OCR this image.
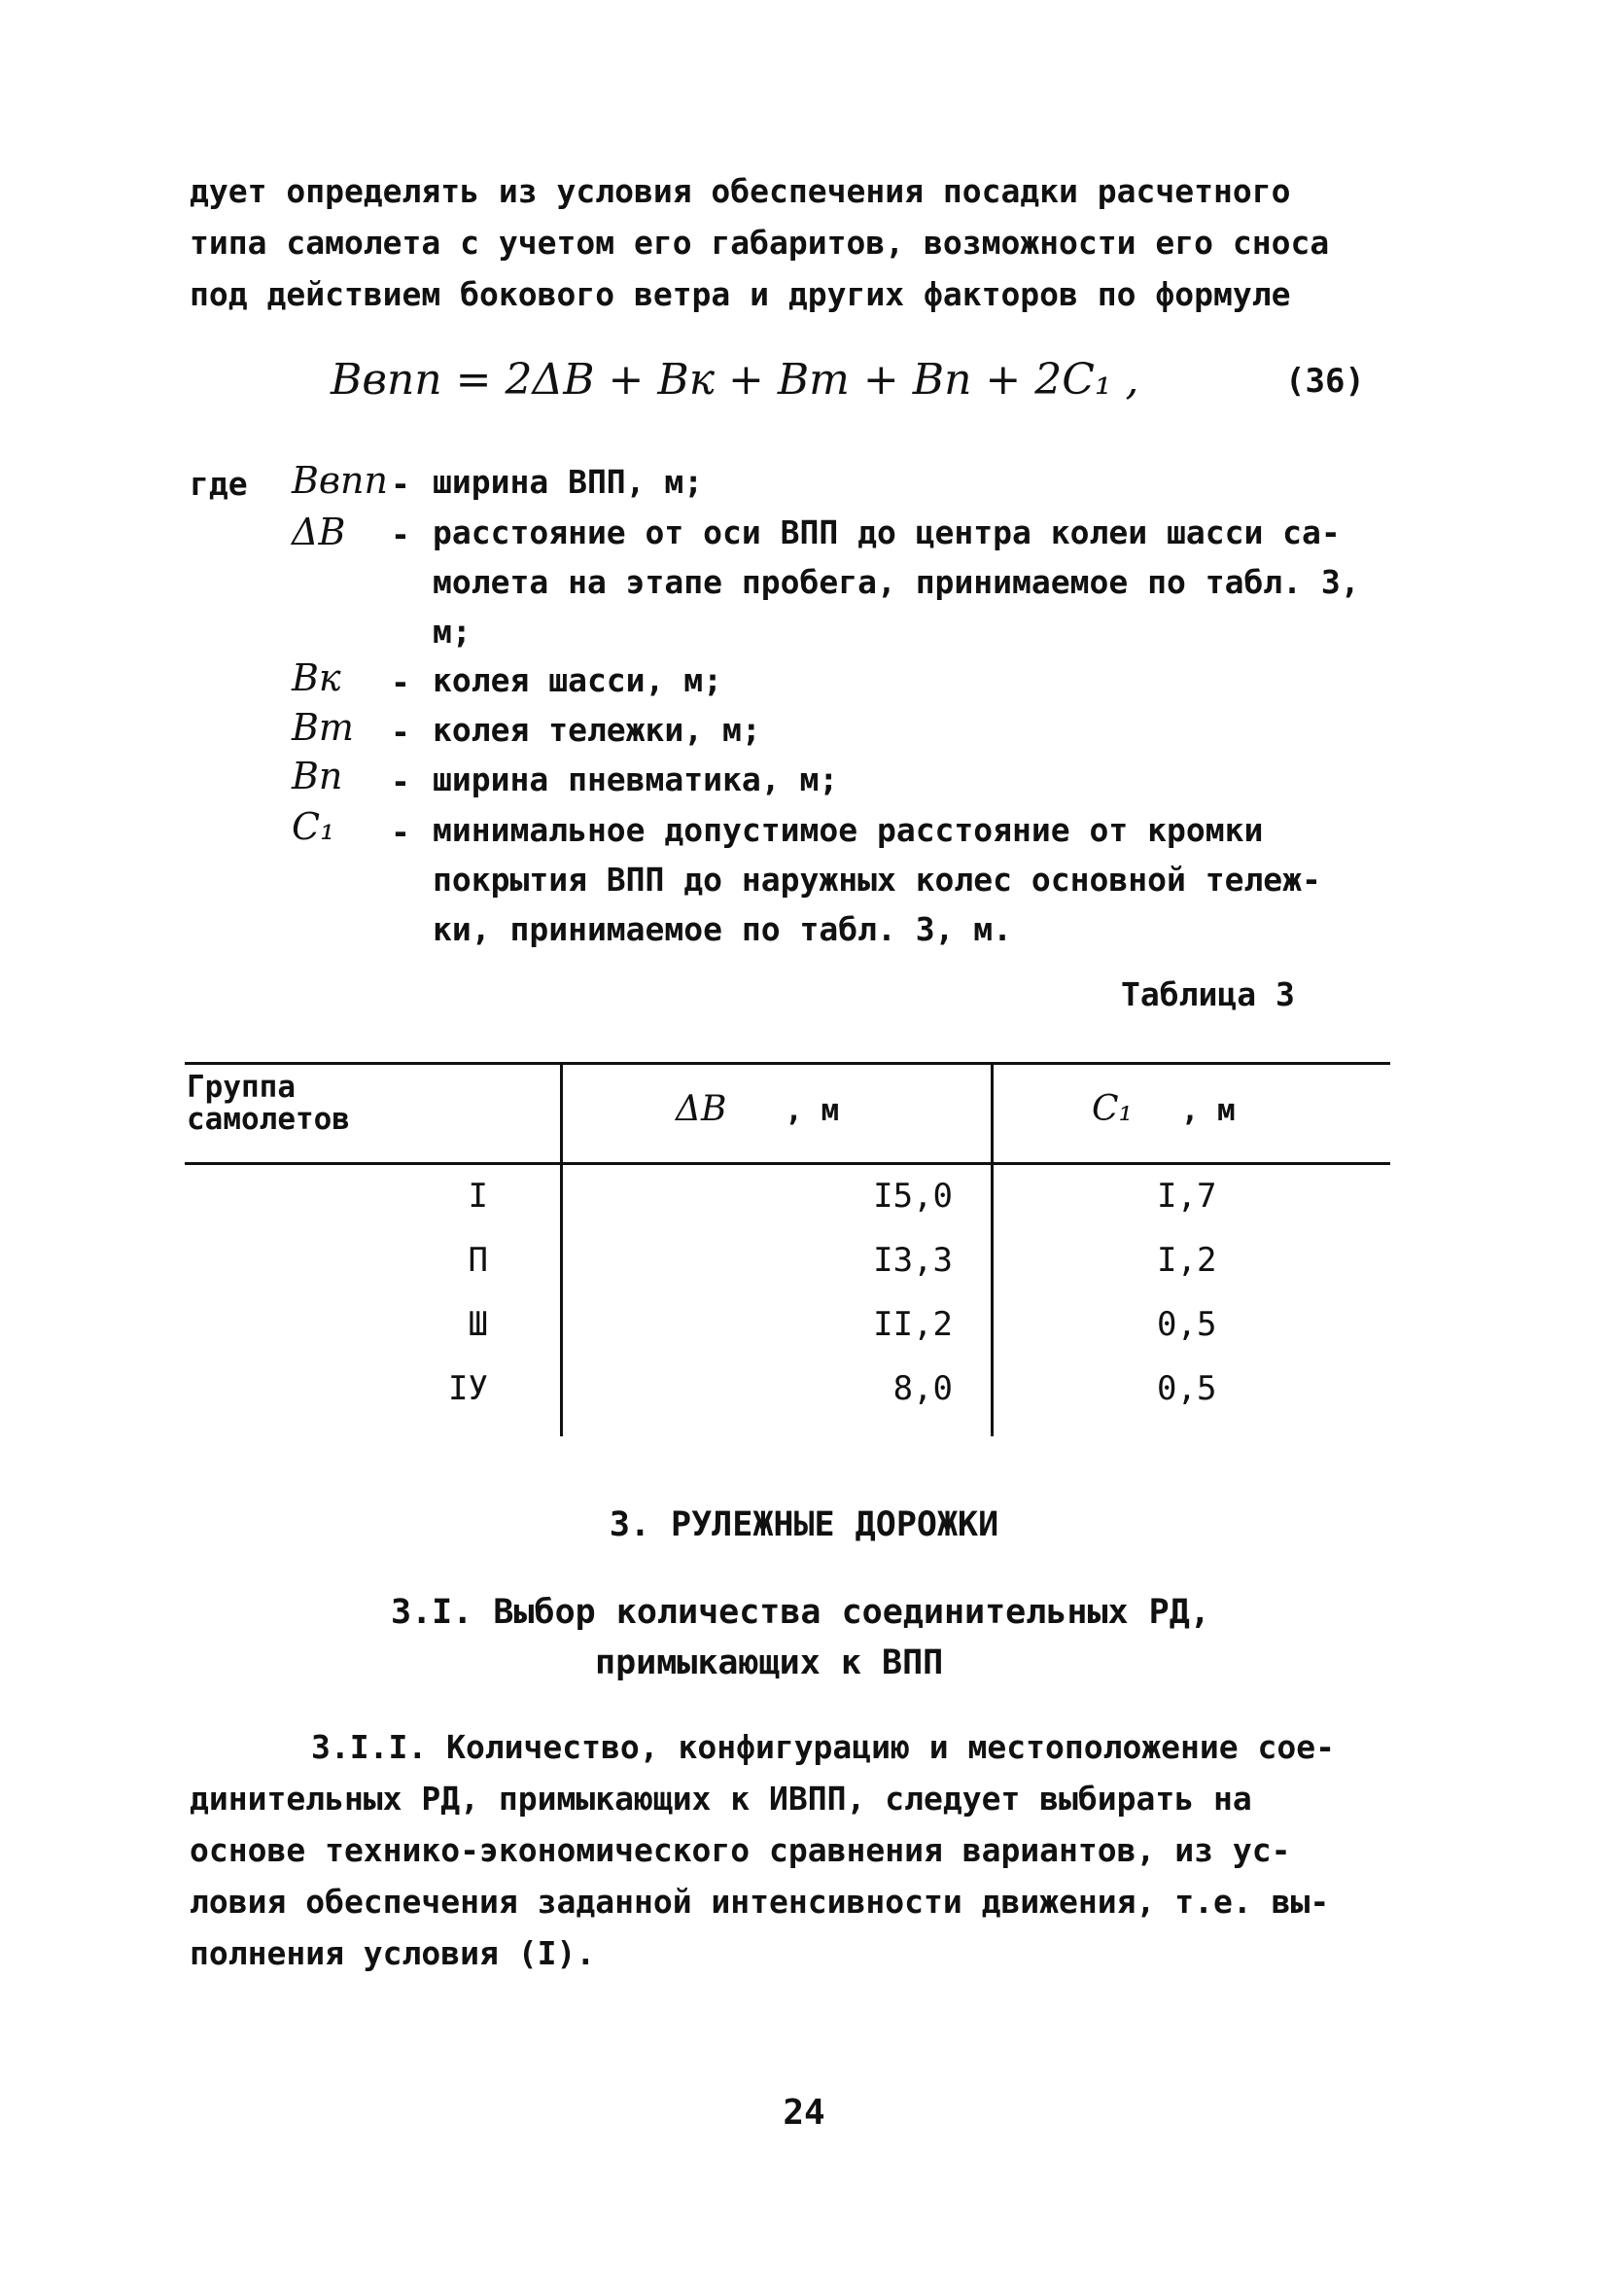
дует определять из условия обеспечения посадки расчетного
типа самолета с учетом его габаритов, возможности его сноса
под действием бокового ветра и других факторов по формуле
Bвпп = 2ΔB + Bк + Bт + Bп + 2C₁ ,	(36)
где Bвпп - ширина ВПП, м;
ΔB	- расстояние от оси ВПП до центра колеи шасси са-
молета на этапе пробега, принимаемое по табл. 3,
м;
Bк	- колея шасси, м;
Bт	- колея тележки, м;
Bп	- ширина пневматика, м;
C₁	- минимальное допустимое расстояние от кромки
покрытия ВПП до наружных колес основной тележ-
ки, принимаемое по табл. 3, м.
Таблица 3
Группа
самолетов	ΔB , м	C₁ , м
I	I5,0	I,7
П	I3,3	I,2
Ш	II,2	0,5
IУ	8,0	0,5
3. РУЛЕЖНЫЕ ДОРОЖКИ
3.I. Выбор количества соединительных РД,
примыкающих к ВПП
3.I.I. Количество, конфигурацию и местоположение сое-
динительных РД, примыкающих к ИВПП, следует выбирать на
основе технико-экономического сравнения вариантов, из ус-
ловия обеспечения заданной интенсивности движения, т.е. вы-
полнения условия (I).
24
